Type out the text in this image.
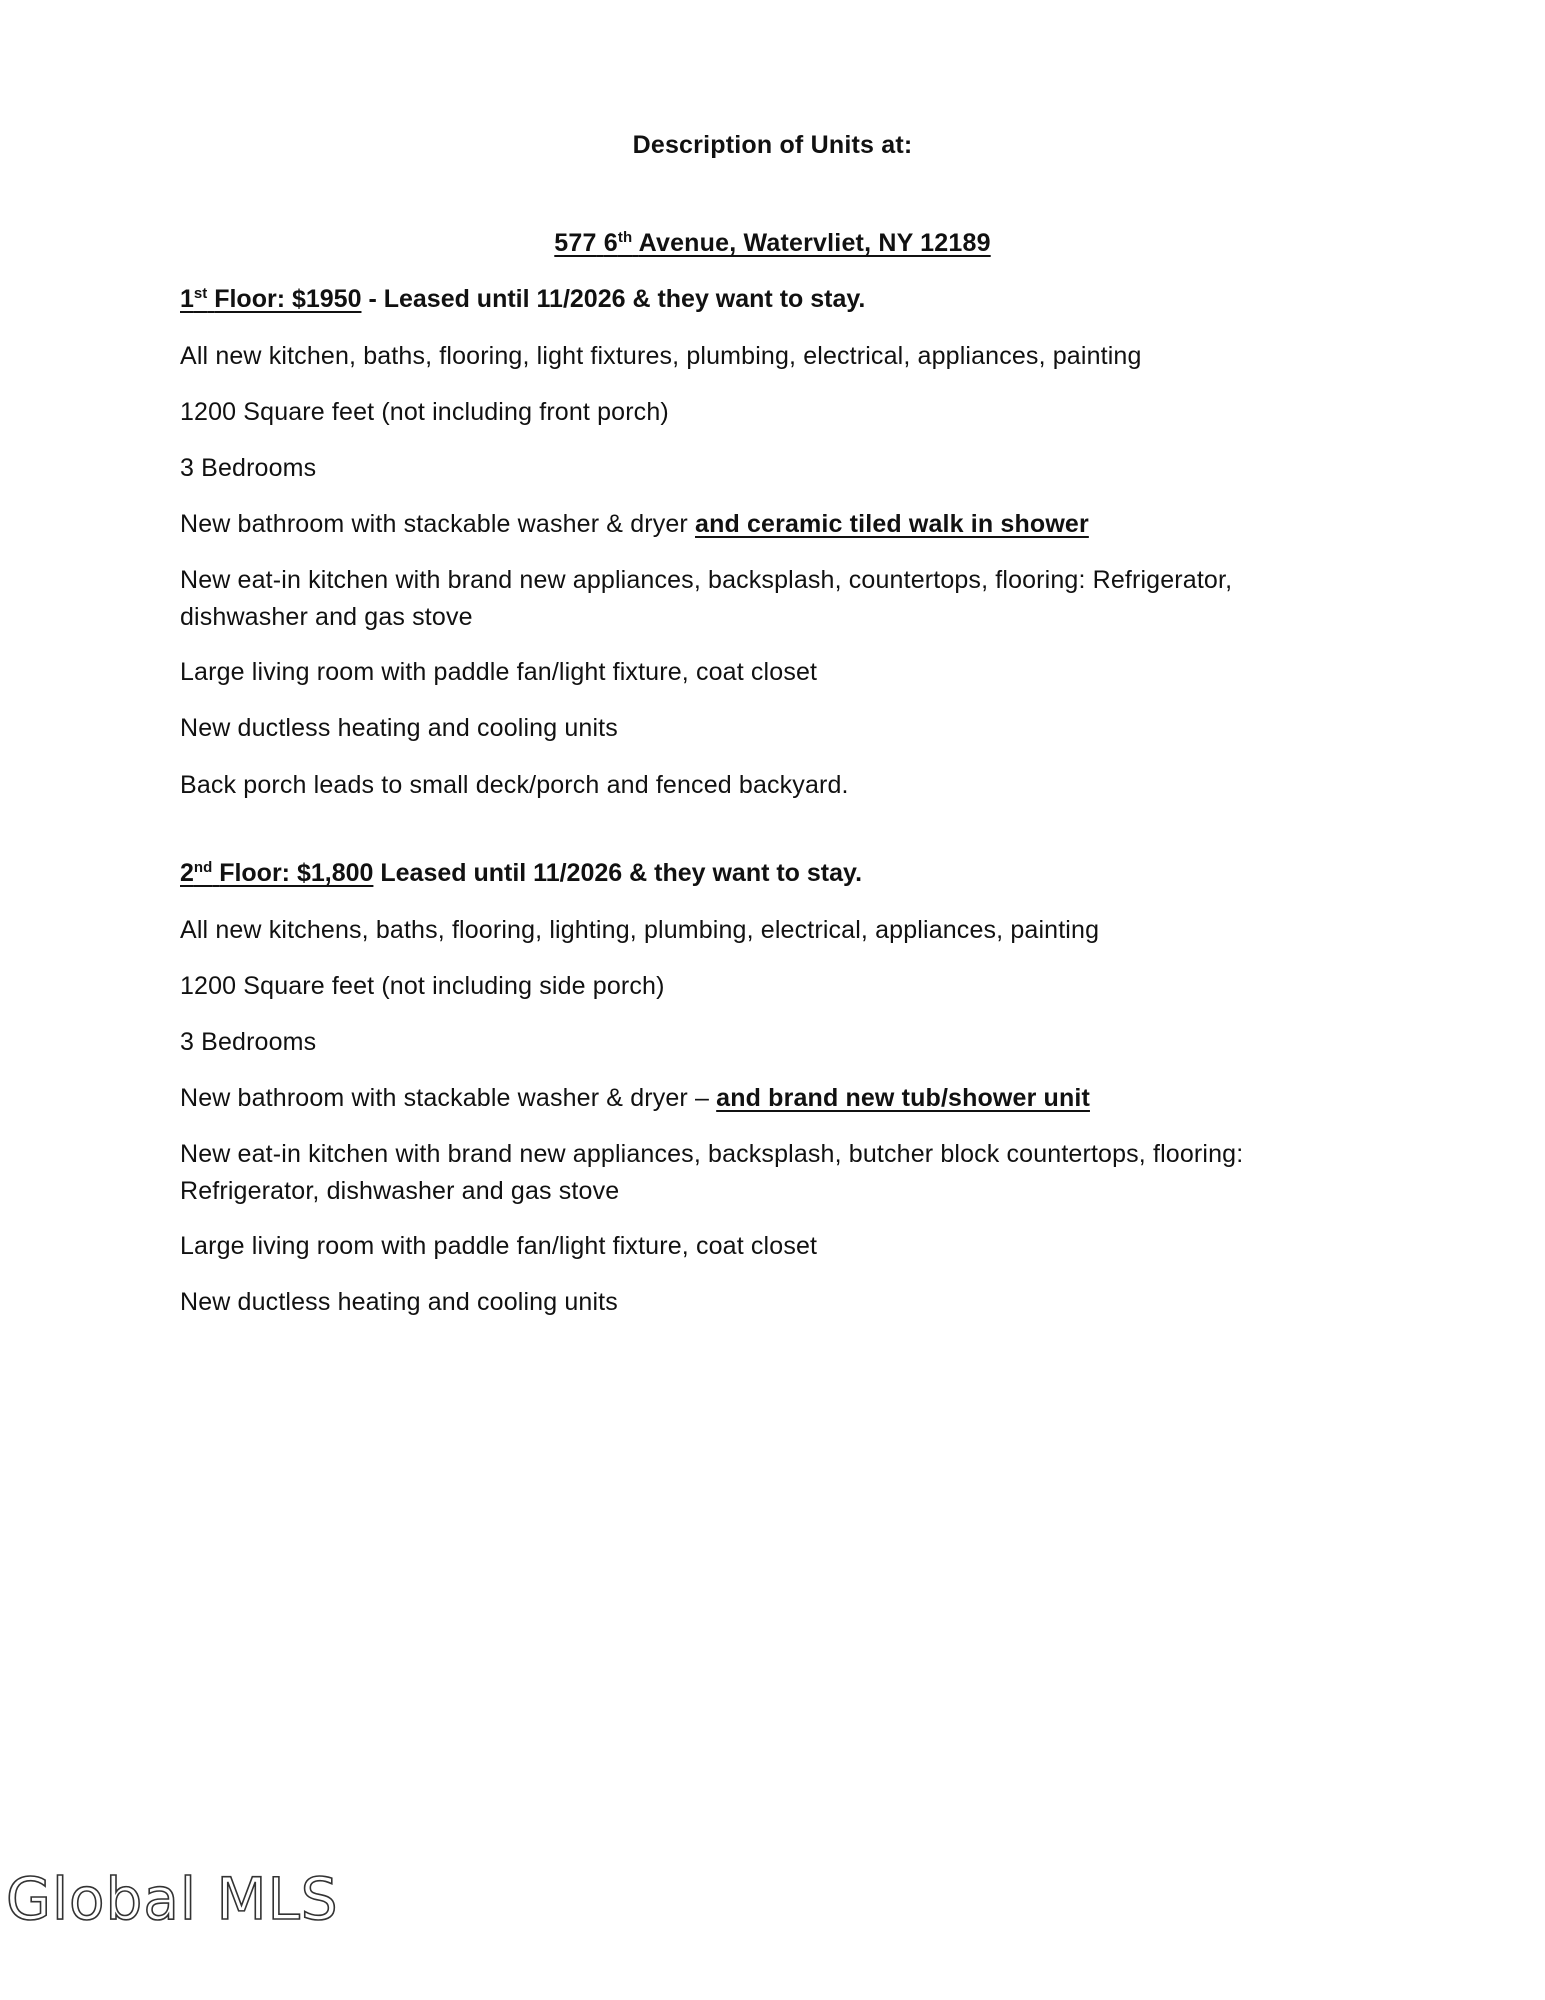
Description of Units at:
577 6th Avenue, Watervliet, NY 12189
1st Floor: $1950 - Leased until 11/2026 & they want to stay.
All new kitchen, baths, flooring, light fixtures, plumbing, electrical, appliances, painting
1200 Square feet (not including front porch)
3 Bedrooms
New bathroom with stackable washer & dryer and ceramic tiled walk in shower
New eat-in kitchen with brand new appliances, backsplash, countertops, flooring: Refrigerator, dishwasher and gas stove
Large living room with paddle fan/light fixture, coat closet
New ductless heating and cooling units
Back porch leads to small deck/porch and fenced backyard.
2nd Floor: $1,800 Leased until 11/2026 & they want to stay.
All new kitchens, baths, flooring, lighting, plumbing, electrical, appliances, painting
1200 Square feet (not including side porch)
3 Bedrooms
New bathroom with stackable washer & dryer – and brand new tub/shower unit
New eat-in kitchen with brand new appliances, backsplash, butcher block countertops, flooring: Refrigerator, dishwasher and gas stove
Large living room with paddle fan/light fixture, coat closet
New ductless heating and cooling units
Global MLS
